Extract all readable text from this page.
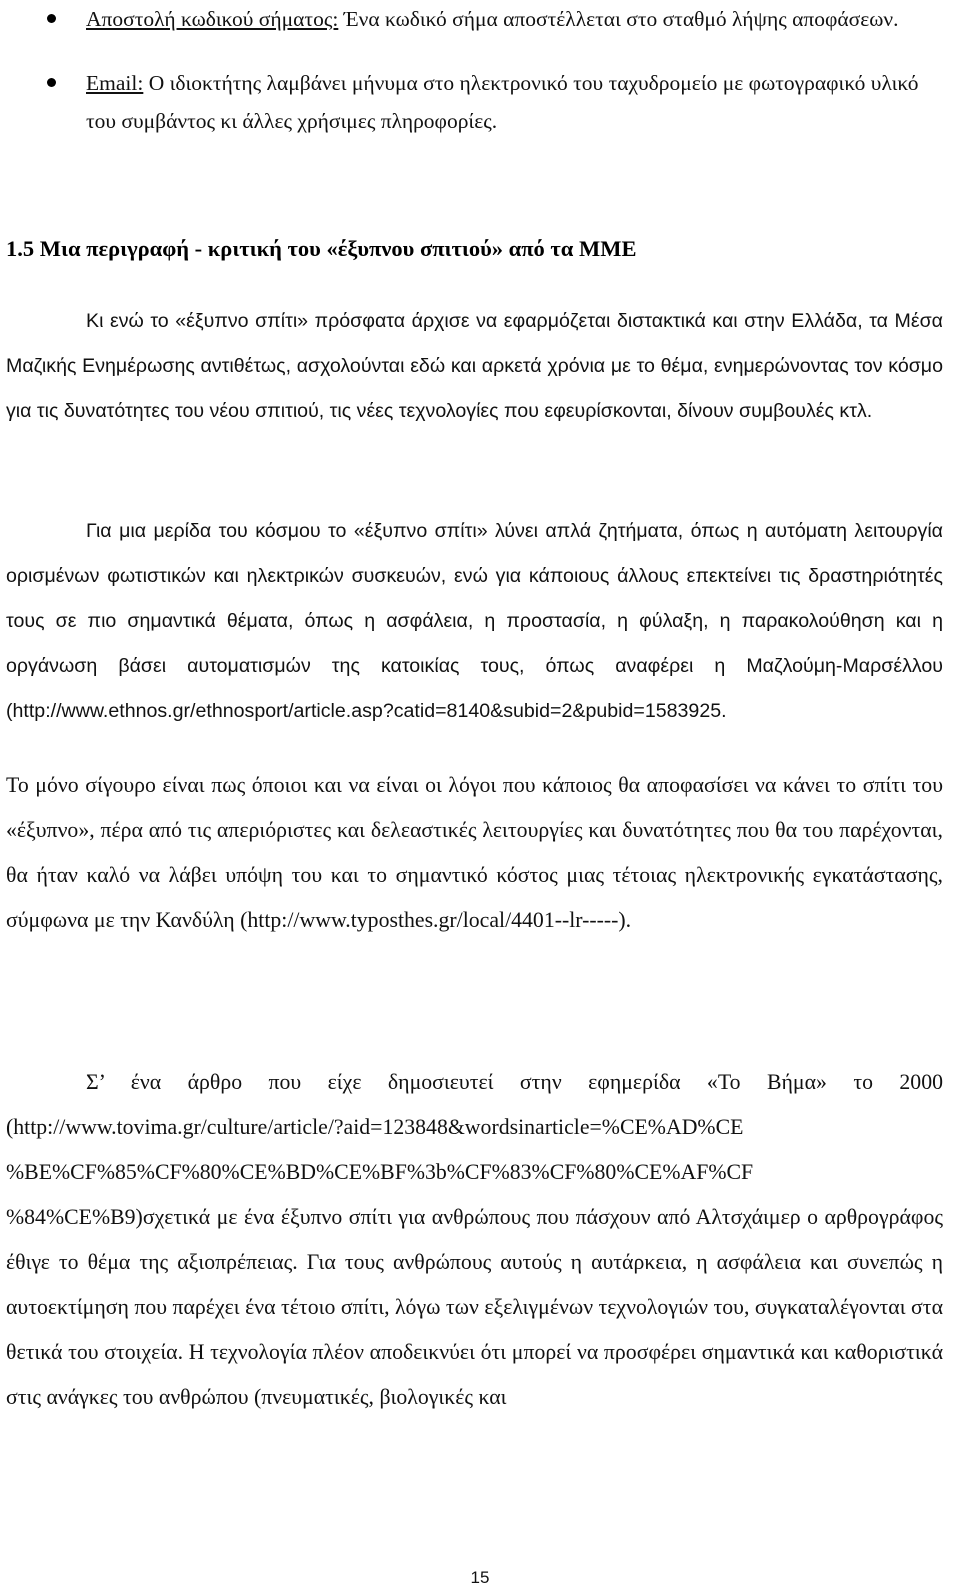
Αποστολή κωδικού σήματος: Ένα κωδικό σήμα αποστέλλεται στο σταθμό λήψης αποφάσεων.
Email: Ο ιδιοκτήτης λαμβάνει μήνυμα στο ηλεκτρονικό του ταχυδρομείο με φωτογραφικό υλικό του συμβάντος κι άλλες χρήσιμες πληροφορίες.
1.5 Μια περιγραφή - κριτική του «έξυπνου σπιτιού» από τα ΜΜΕ

Κι ενώ το «έξυπνο σπίτι» πρόσφατα άρχισε να εφαρμόζεται διστακτικά και στην Ελλάδα, τα Μέσα Μαζικής Ενημέρωσης αντιθέτως, ασχολούνται εδώ και αρκετά χρόνια με το θέμα, ενημερώνοντας τον κόσμο για τις δυνατότητες του νέου σπιτιού, τις νέες τεχνολογίες που εφευρίσκονται, δίνουν συμβουλές κτλ.

Για μια μερίδα του κόσμου το «έξυπνο σπίτι» λύνει απλά ζητήματα, όπως η αυτόματη λειτουργία ορισμένων φωτιστικών και ηλεκτρικών συσκευών, ενώ για κάποιους άλλους επεκτείνει τις δραστηριότητές τους σε πιο σημαντικά θέματα, όπως η ασφάλεια, η προστασία, η φύλαξη, η παρακολούθηση και η οργάνωση βάσει αυτοματισμών της κατοικίας τους, όπως αναφέρει η Μαζλούμη-Μαρσέλλου (http://www.ethnos.gr/ethnosport/article.asp?catid=8140&subid=2&pubid=1583925.

Το μόνο σίγουρο είναι πως όποιοι και να είναι οι λόγοι που κάποιος θα αποφασίσει να κάνει το σπίτι του «έξυπνο», πέρα από τις απεριόριστες και δελεαστικές λειτουργίες και δυνατότητες που θα του παρέχονται, θα ήταν καλό να λάβει υπόψη του και το σημαντικό κόστος μιας τέτοιας ηλεκτρονικής εγκατάστασης, σύμφωνα με την Κανδύλη (http://www.typosthes.gr/local/4401--lr-----).

Σ’ ένα άρθρο που είχε δημοσιευτεί στην εφημερίδα «Το Βήμα» το 2000 (http://www.tovima.gr/culture/article/?aid=123848&wordsinarticle=%CE%AD%CE %BE%CF%85%CF%80%CE%BD%CE%BF%3b%CF%83%CF%80%CE%AF%CF %84%CE%B9)σχετικά με ένα έξυπνο σπίτι για ανθρώπους που πάσχουν από Αλτσχάιμερ ο αρθρογράφος έθιγε το θέμα της αξιοπρέπειας. Για τους ανθρώπους αυτούς η αυτάρκεια, η ασφάλεια και συνεπώς η αυτοεκτίμηση που παρέχει ένα τέτοιο σπίτι, λόγω των εξελιγμένων τεχνολογιών του, συγκαταλέγονται στα θετικά του στοιχεία. Η τεχνολογία πλέον αποδεικνύει ότι μπορεί να προσφέρει σημαντικά και καθοριστικά στις ανάγκες του ανθρώπου (πνευματικές, βιολογικές και

15
